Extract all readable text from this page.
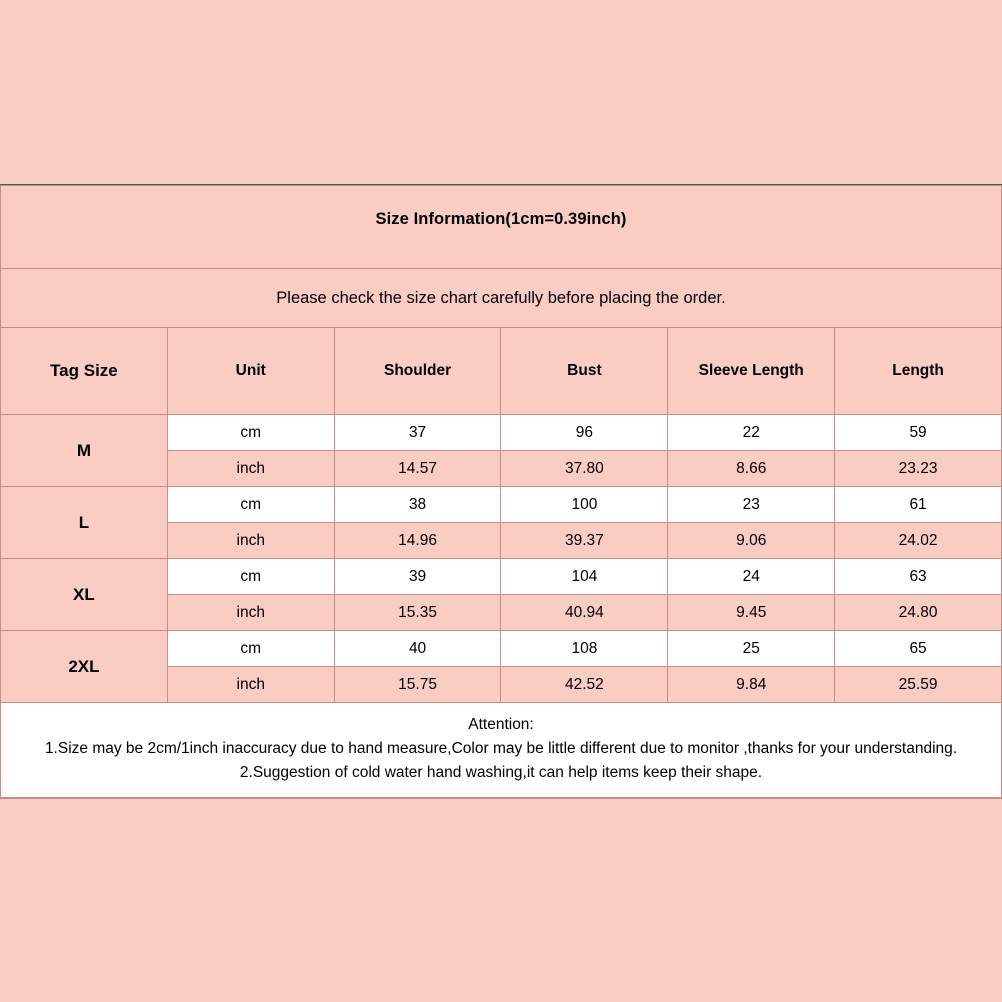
Size Information(1cm=0.39inch)					
Please check the size chart carefully before placing the order.					
Tag Size	Unit	Shoulder	Bust	Sleeve Length	Length
M	cm	37	96	22	59
	inch	14.57	37.80	8.66	23.23
L	cm	38	100	23	61
	inch	14.96	39.37	9.06	24.02
XL	cm	39	104	24	63
	inch	15.35	40.94	9.45	24.80
2XL	cm	40	108	25	65
	inch	15.75	42.52	9.84	25.59

Attention:
1.Size may be 2cm/1inch inaccuracy due to hand measure,Color may be little different due to monitor ,thanks for your understanding.
2.Suggestion of cold water hand washing,it can help items keep their shape.					
